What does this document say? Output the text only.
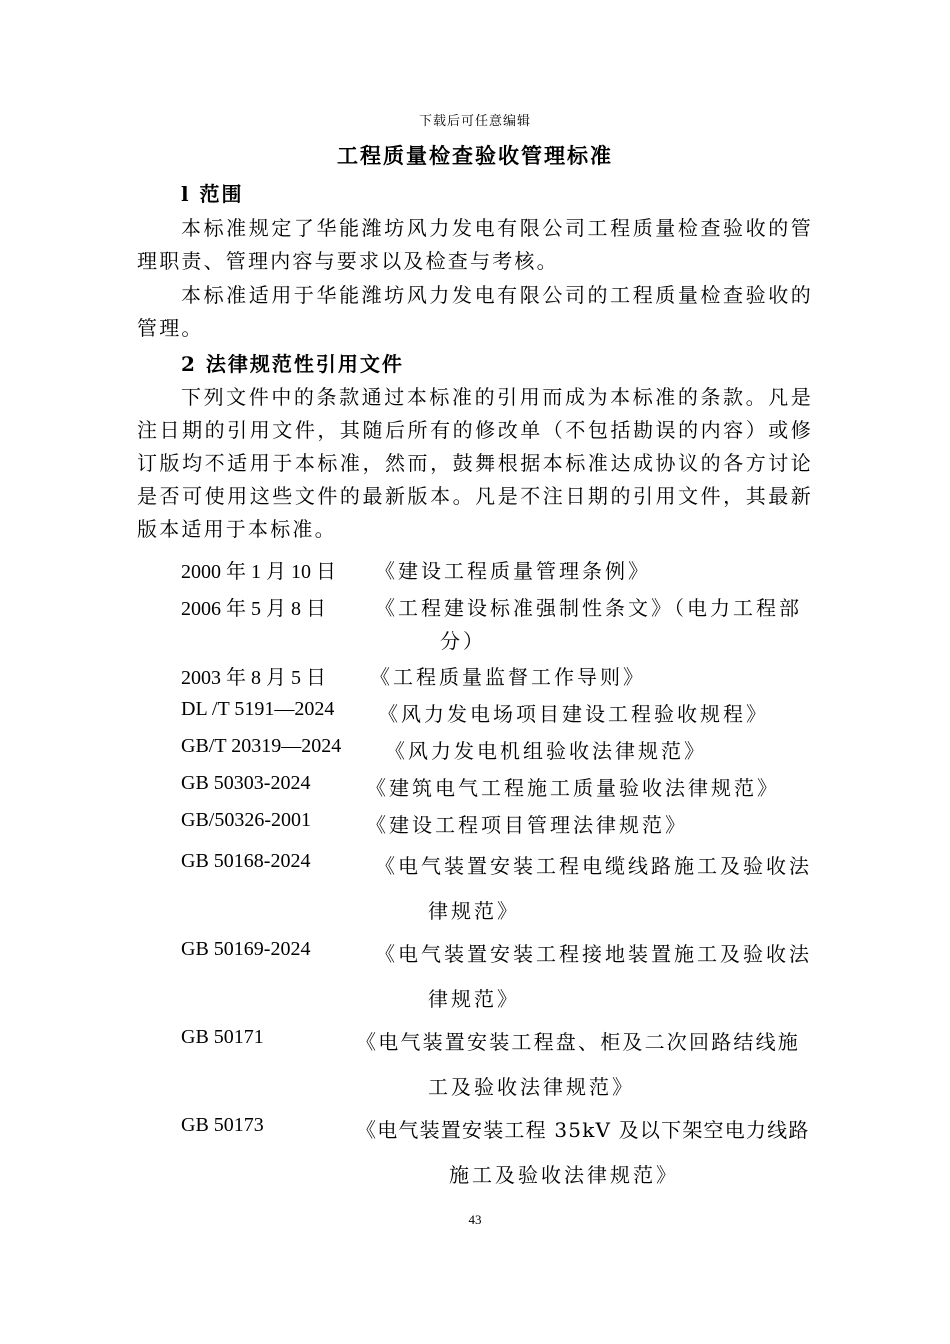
下载后可任意编辑
工程质量检查验收管理标准
l 范围
本标准规定了华能潍坊风力发电有限公司工程质量检查验收的管理职责、管理内容与要求以及检查与考核。
本标准适用于华能潍坊风力发电有限公司的工程质量检查验收的管理。
2 法律规范性引用文件
下列文件中的条款通过本标准的引用而成为本标准的条款。凡是注日期的引用文件，其随后所有的修改单（不包括勘误的内容）或修订版均不适用于本标准，然而，鼓舞根据本标准达成协议的各方讨论是否可使用这些文件的最新版本。凡是不注日期的引用文件，其最新版本适用于本标准。
2000 年 1 月 10 日 《建设工程质量管理条例》
2006 年 5 月 8 日 《工程建设标准强制性条文》（电力工程部
分）
2003 年 8 月 5 日 《工程质量监督工作导则》
DL /T 5191—2024 《风力发电场项目建设工程验收规程》
GB/T 20319—2024 《风力发电机组验收法律规范》
GB 50303-2024	《建筑电气工程施工质量验收法律规范》
GB/50326-2001	《建设工程项目管理法律规范》
GB 50168-2024	《电气装置安装工程电缆线路施工及验收法
律规范》
GB 50169-2024	《电气装置安装工程接地装置施工及验收法
律规范》
GB 50171	《电气装置安装工程盘、柜及二次回路结线施
工及验收法律规范》
GB 50173	《电气装置安装工程 35kV 及以下架空电力线路
施工及验收法律规范》
43
